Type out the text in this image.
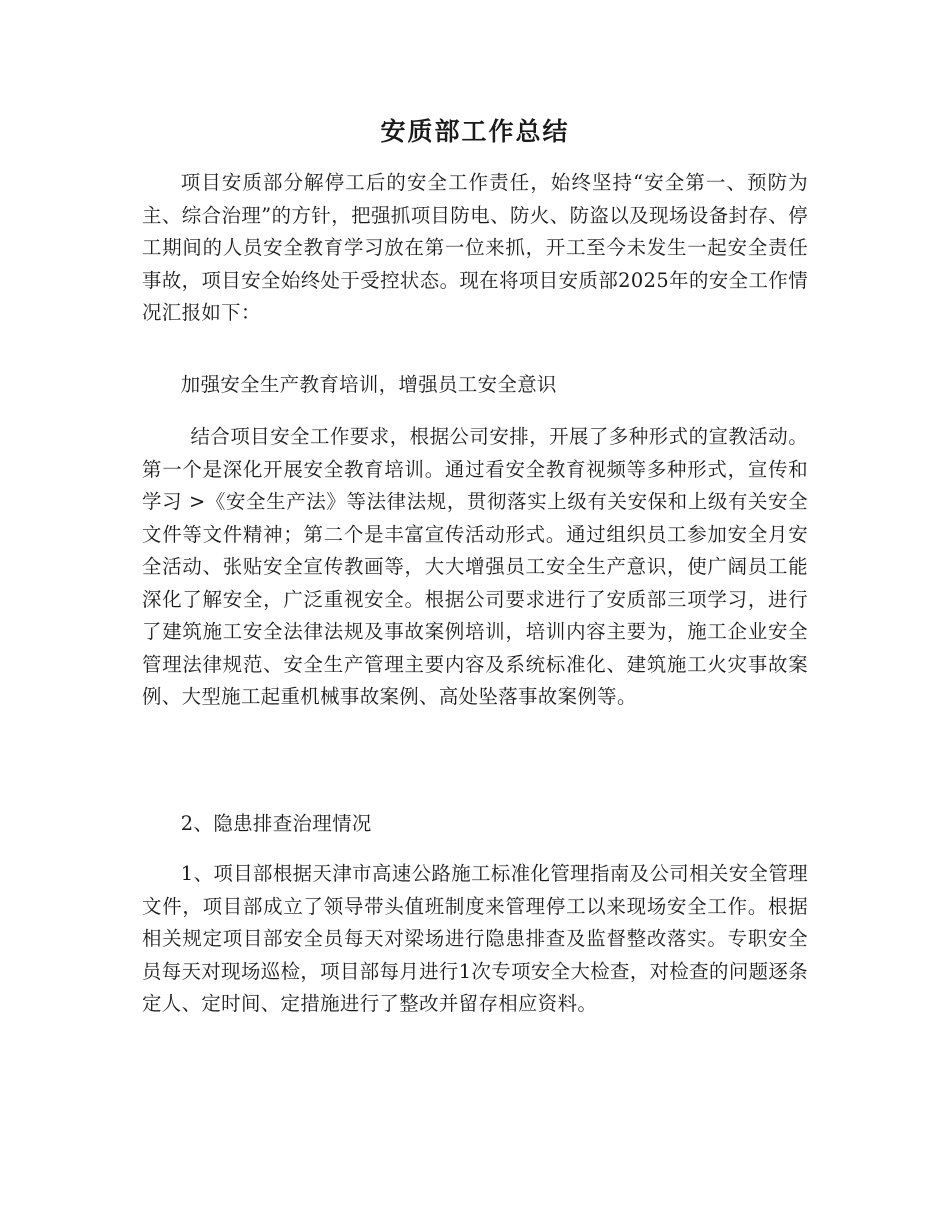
安质部工作总结

项目安质部分解停工后的安全工作责任，始终坚持“安全第一、预防为主、综合治理”的方针，把强抓项目防电、防火、防盗以及现场设备封存、停工期间的人员安全教育学习放在第一位来抓，开工至今未发生一起安全责任事故，项目安全始终处于受控状态。现在将项目安质部2025年的安全工作情况汇报如下：

加强安全生产教育培训，增强员工安全意识

结合项目安全工作要求，根据公司安排，开展了多种形式的宣教活动。第一个是深化开展安全教育培训。通过看安全教育视频等多种形式，宣传和学习 >《安全生产法》等法律法规，贯彻落实上级有关安保和上级有关安全文件等文件精神；第二个是丰富宣传活动形式。通过组织员工参加安全月安全活动、张贴安全宣传教画等，大大增强员工安全生产意识，使广阔员工能深化了解安全，广泛重视安全。根据公司要求进行了安质部三项学习，进行了建筑施工安全法律法规及事故案例培训，培训内容主要为，施工企业安全管理法律规范、安全生产管理主要内容及系统标准化、建筑施工火灾事故案例、大型施工起重机械事故案例、高处坠落事故案例等。

2、隐患排查治理情况

1、项目部根据天津市高速公路施工标准化管理指南及公司相关安全管理文件，项目部成立了领导带头值班制度来管理停工以来现场安全工作。根据相关规定项目部安全员每天对梁场进行隐患排查及监督整改落实。专职安全员每天对现场巡检，项目部每月进行1次专项安全大检查，对检查的问题逐条定人、定时间、定措施进行了整改并留存相应资料。
